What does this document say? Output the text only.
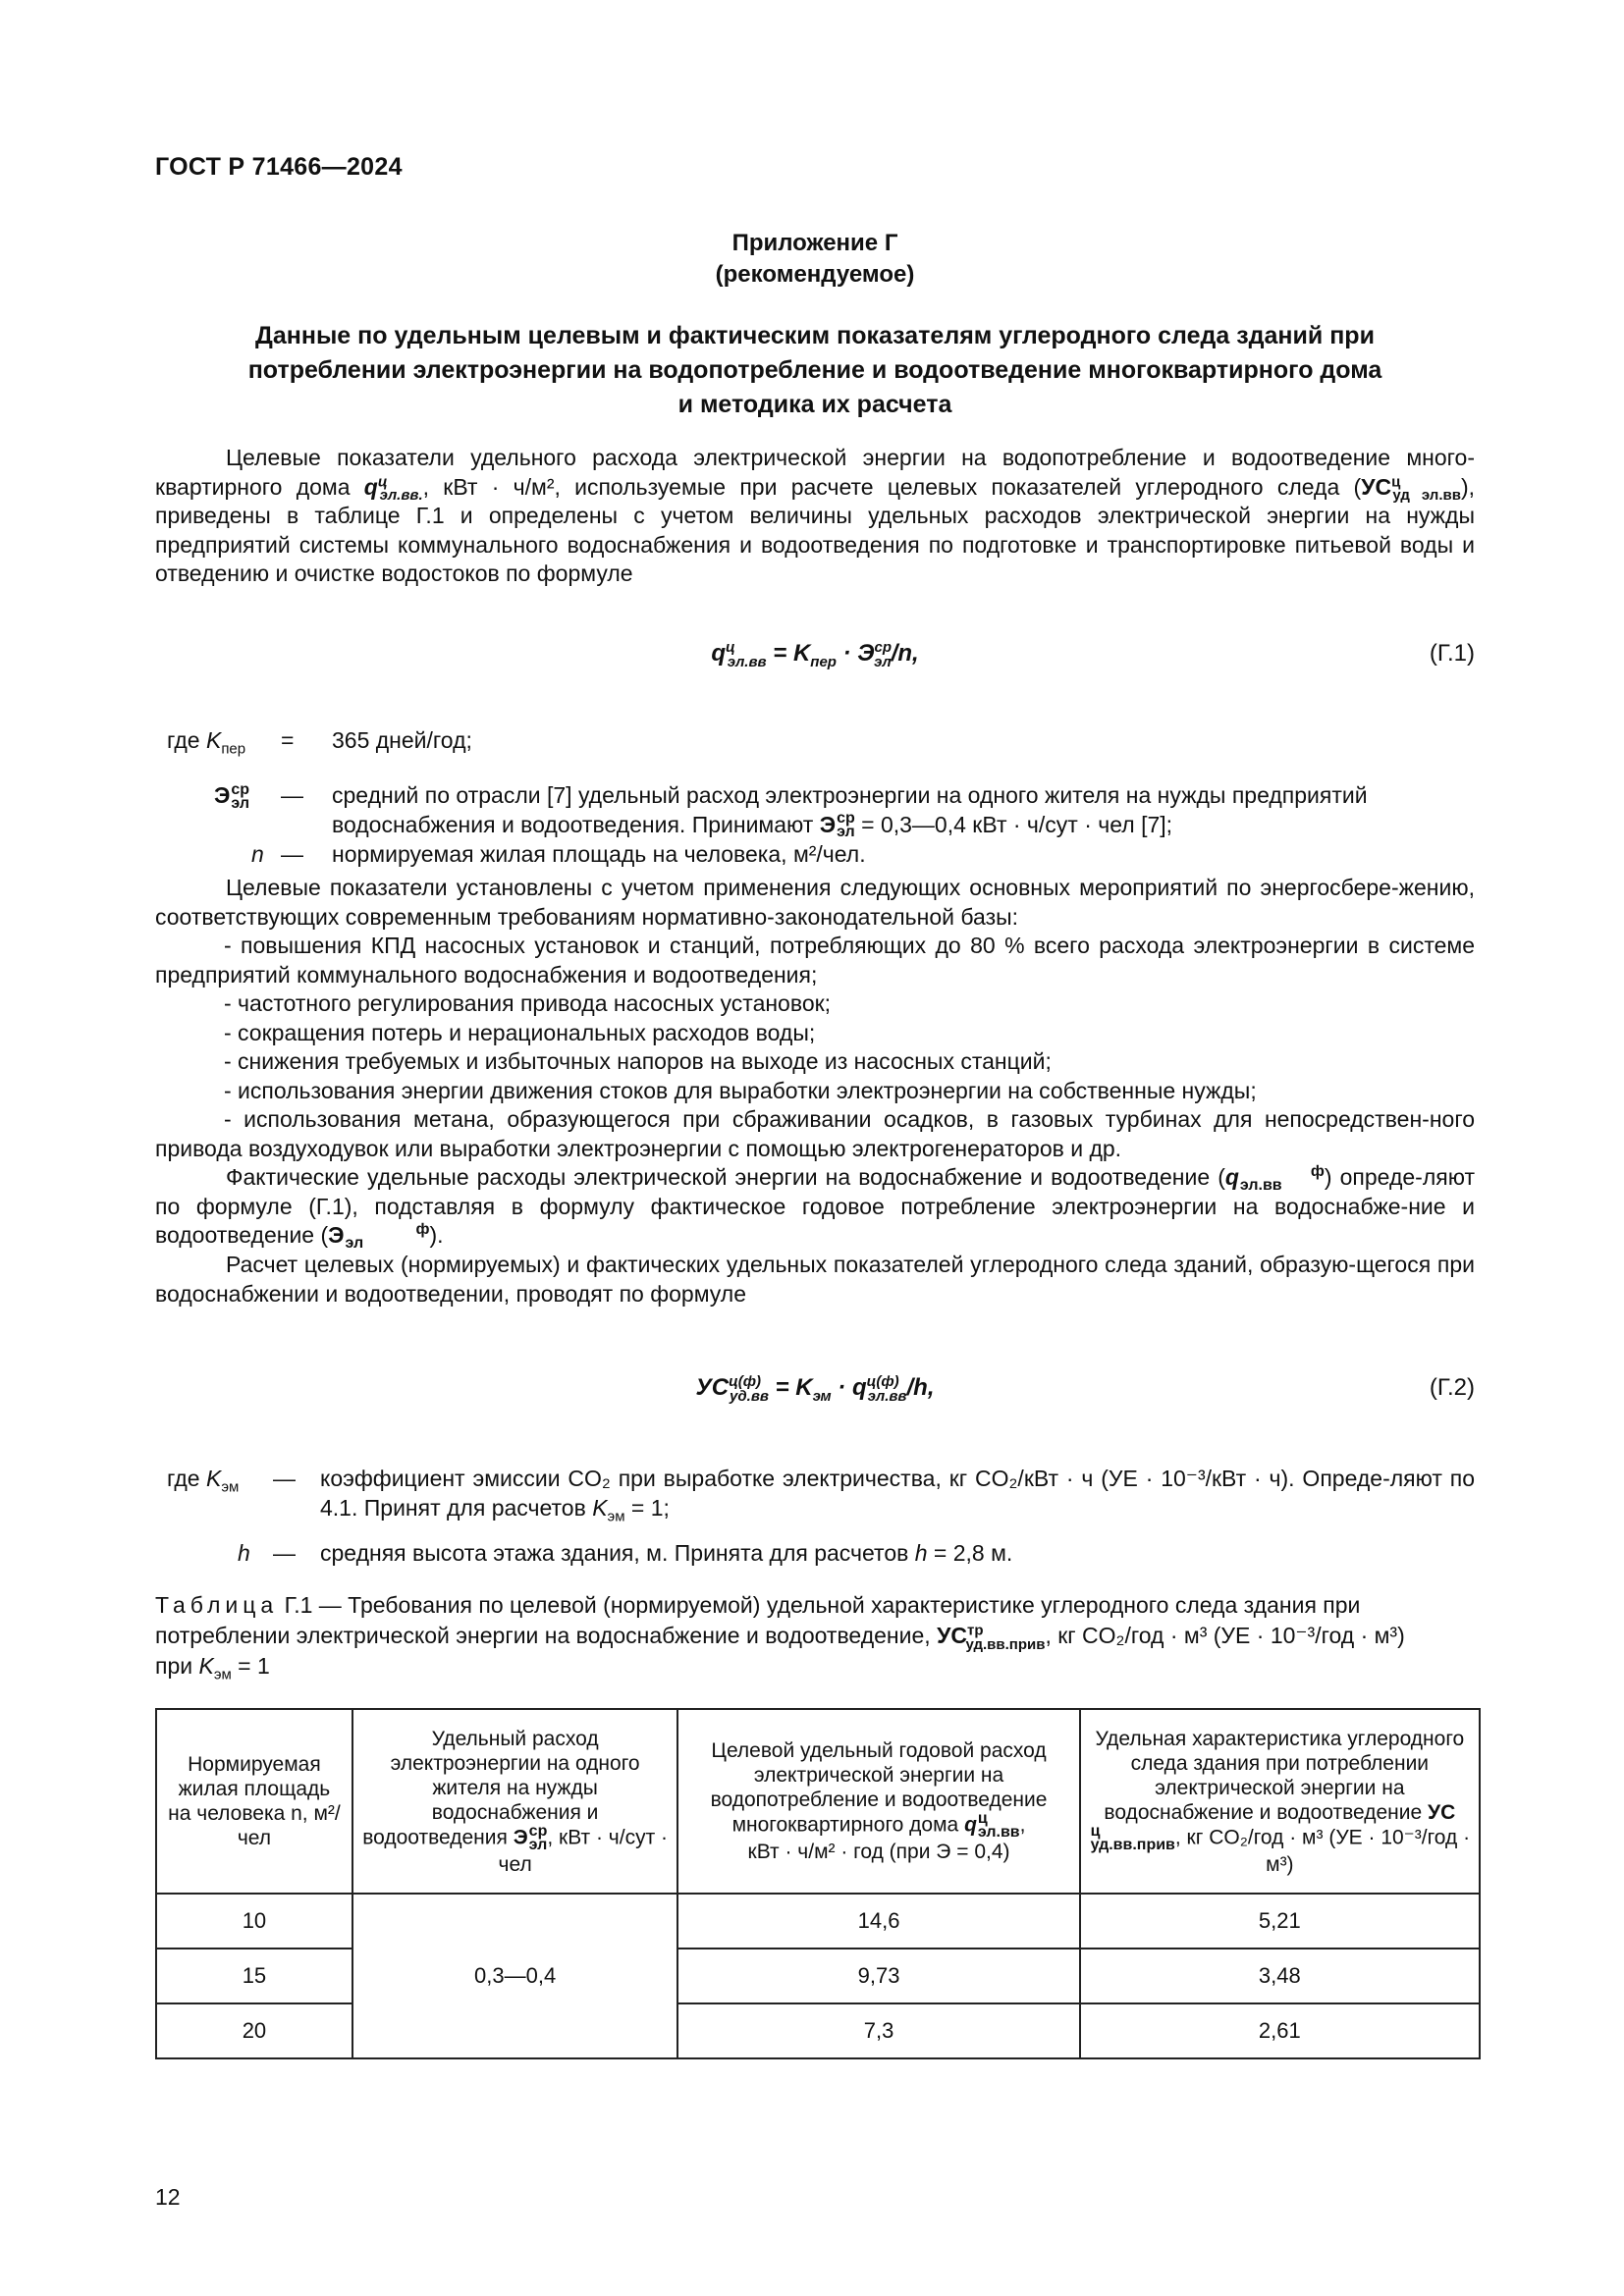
ГОСТ Р 71466—2024
Приложение Г
(рекомендуемое)
Данные по удельным целевым и фактическим показателям углеродного следа зданий при
потреблении электроэнергии на водопотребление и водоотведение многоквартирного дома
и методика их расчета

Целевые показатели удельного расхода электрической энергии на водопотребление и водоотведение много-квартирного дома $q^ц_{эл.вв.}$, кВт · ч/м², используемые при расчете целевых показателей углеродного следа $(УС^ц_{уд эл.вв})$, приведены в таблице Г.1 и определены с учетом величины удельных расходов электрической энергии на нужды предприятий системы коммунального водоснабжения и водоотведения по подготовке и транспортировке питьевой воды и отведению и очистке водостоков по формуле

$q^ц_{эл.вв} = K_{пер} \cdot Э^{ср}_{эл}/n$,	(Г.1)
где $K_{пер} = 365$ дней/год;
Эср
эл — средний по отрасли [7] удельный расход электроэнергии на одного жителя на нужды предприятий водоснабжения и водоотведения. Принимают Эср
эл = 0,3—0,4 кВт · ч/сут · чел [7];
n — нормируемая жилая площадь на человека, м²/чел.

Целевые показатели установлены с учетом применения следующих основных мероприятий по энергосбере-жению, соответствующих современным требованиям нормативно-законодательной базы:

- повышения КПД насосных установок и станций, потребляющих до 80 % всего расхода электроэнергии в системе предприятий коммунального водоснабжения и водоотведения;
- частотного регулирования привода насосных установок;
- сокращения потерь и нерациональных расходов воды;
- снижения требуемых и избыточных напоров на выходе из насосных станций;
- использования энергии движения стоков для выработки электроэнергии на собственные нужды;
- использования метана, образующегося при сбраживании осадков, в газовых турбинах для непосредствен-ного привода воздуходувок или выработки электроэнергии с помощью электрогенераторов и др.

Фактические удельные расходы электрической энергии на водоснабжение и водоотведение (q	ф
эл.вв ) опреде-ляют по формуле (Г.1), подставляя в формулу фактическое годовое потребление электроэнергии на водоснабже-ние и водоотведение (Э	ф
эл	).

Расчет целевых (нормируемых) и фактических удельных показателей углеродного следа зданий, образую-щегося при водоснабжении и водоотведении, проводят по формуле

$УС^{ц(ф)}_{уд.вв} = K_{эм} \cdot q^{ц(ф)}_{эл.вв}/h$,	(Г.2)
где $K_{эм}$ — коэффициент эмиссии CO₂ при выработке электричества, кг CO₂/кВт · ч (УЕ · 10⁻³/кВт · ч). Опреде-ляют по 4.1. Принят для расчетов $K_{эм} = 1$;
h — средняя высота этажа здания, м. Принята для расчетов h = 2,8 м.
Таблица Г.1 — Требования по целевой (нормируемой) удельной характеристике углеродного следа здания при потреблении электрической энергии на водоснабжение и водоотведение, $УС^{тр}_{уд.вв.прив}$, кг CO₂/год · м³ (УЕ · 10⁻³/год · м³)
при $K_{эм} = 1$
Нормируемая жилая площадь на человека n, м²/чел	Удельный расход электроэнергии на одного жителя на нужды водоснабжения и водоотведения Эср
эл, кВт · ч/сут · чел	Целевой удельный годовой расход электрической энергии на водопотребление и водоотведение многоквартирного дома qц
эл.вв,
кВт · ч/м² · год (при Э = 0,4)	Удельная характеристика углеродного следа здания при потреблении электрической энергии на водоснабжение и водоотведение УСц
уд.вв.прив, кг CO₂/год · м³ (УЕ · 10⁻³/год · м³)
10	0,3—0,4	14,6	5,21
15		9,73	3,48
20		7,3	2,61
12
